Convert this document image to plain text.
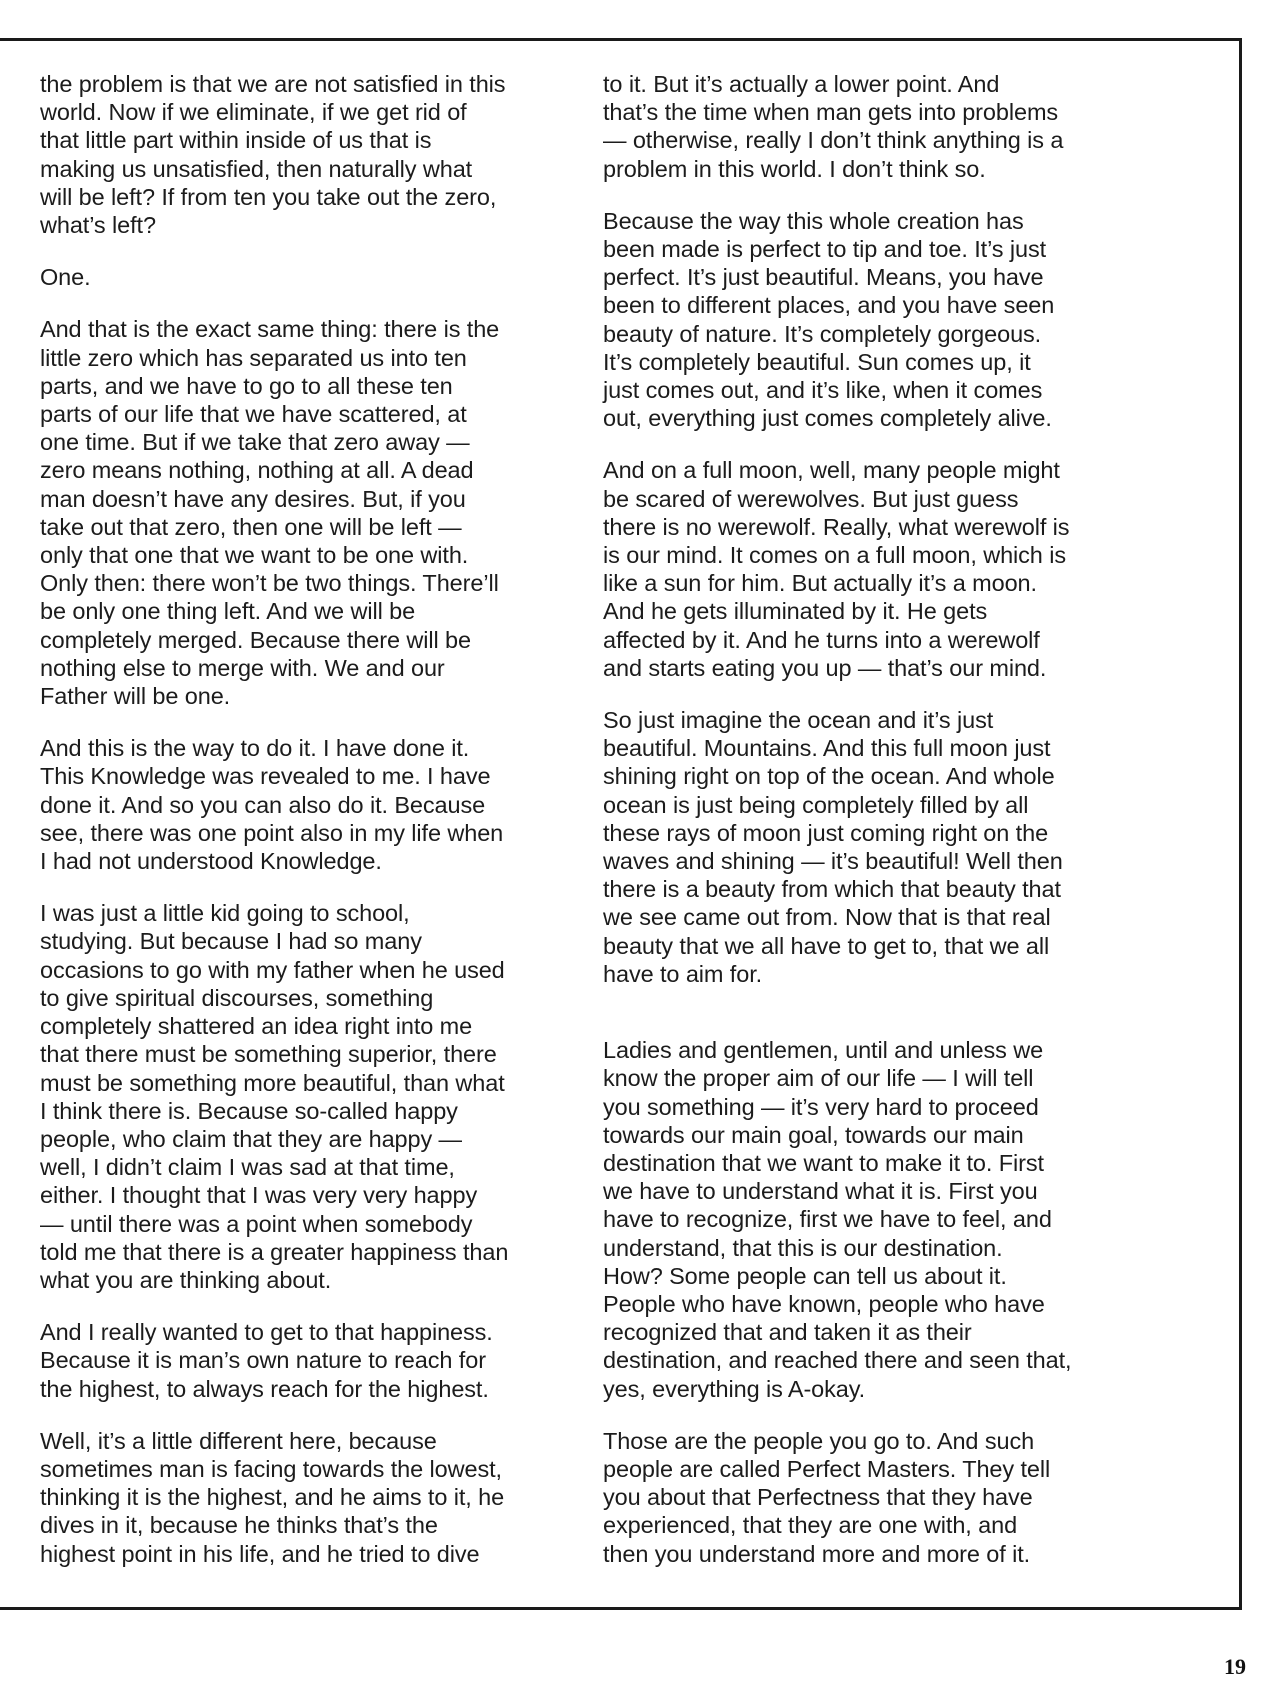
the problem is that we are not satisfied in this
world. Now if we eliminate, if we get rid of
that little part within inside of us that is
making us unsatisfied, then naturally what
will be left? If from ten you take out the zero,
what’s left?

One.

And that is the exact same thing: there is the
little zero which has separated us into ten
parts, and we have to go to all these ten
parts of our life that we have scattered, at
one time. But if we take that zero away —
zero means nothing, nothing at all. A dead
man doesn’t have any desires. But, if you
take out that zero, then one will be left —
only that one that we want to be one with.
Only then: there won’t be two things. There’ll
be only one thing left. And we will be
completely merged. Because there will be
nothing else to merge with. We and our
Father will be one.

And this is the way to do it. I have done it.
This Knowledge was revealed to me. I have
done it. And so you can also do it. Because
see, there was one point also in my life when
I had not understood Knowledge.

I was just a little kid going to school,
studying. But because I had so many
occasions to go with my father when he used
to give spiritual discourses, something
completely shattered an idea right into me
that there must be something superior, there
must be something more beautiful, than what
I think there is. Because so-called happy
people, who claim that they are happy —
well, I didn’t claim I was sad at that time,
either. I thought that I was very very happy
— until there was a point when somebody
told me that there is a greater happiness than
what you are thinking about.

And I really wanted to get to that happiness.
Because it is man’s own nature to reach for
the highest, to always reach for the highest.

Well, it’s a little different here, because
sometimes man is facing towards the lowest,
thinking it is the highest, and he aims to it, he
dives in it, because he thinks that’s the
highest point in his life, and he tried to dive

to it. But it’s actually a lower point. And
that’s the time when man gets into problems
— otherwise, really I don’t think anything is a
problem in this world. I don’t think so.

Because the way this whole creation has
been made is perfect to tip and toe. It’s just
perfect. It’s just beautiful. Means, you have
been to different places, and you have seen
beauty of nature. It’s completely gorgeous.
It’s completely beautiful. Sun comes up, it
just comes out, and it’s like, when it comes
out, everything just comes completely alive.

And on a full moon, well, many people might
be scared of werewolves. But just guess
there is no werewolf. Really, what werewolf is
is our mind. It comes on a full moon, which is
like a sun for him. But actually it’s a moon.
And he gets illuminated by it. He gets
affected by it. And he turns into a werewolf
and starts eating you up — that’s our mind.

So just imagine the ocean and it’s just
beautiful. Mountains. And this full moon just
shining right on top of the ocean. And whole
ocean is just being completely filled by all
these rays of moon just coming right on the
waves and shining — it’s beautiful! Well then
there is a beauty from which that beauty that
we see came out from. Now that is that real
beauty that we all have to get to, that we all
have to aim for.

Ladies and gentlemen, until and unless we
know the proper aim of our life — I will tell
you something — it’s very hard to proceed
towards our main goal, towards our main
destination that we want to make it to. First
we have to understand what it is. First you
have to recognize, first we have to feel, and
understand, that this is our destination.
How? Some people can tell us about it.
People who have known, people who have
recognized that and taken it as their
destination, and reached there and seen that,
yes, everything is A-okay.

Those are the people you go to. And such
people are called Perfect Masters. They tell
you about that Perfectness that they have
experienced, that they are one with, and
then you understand more and more of it.

19
